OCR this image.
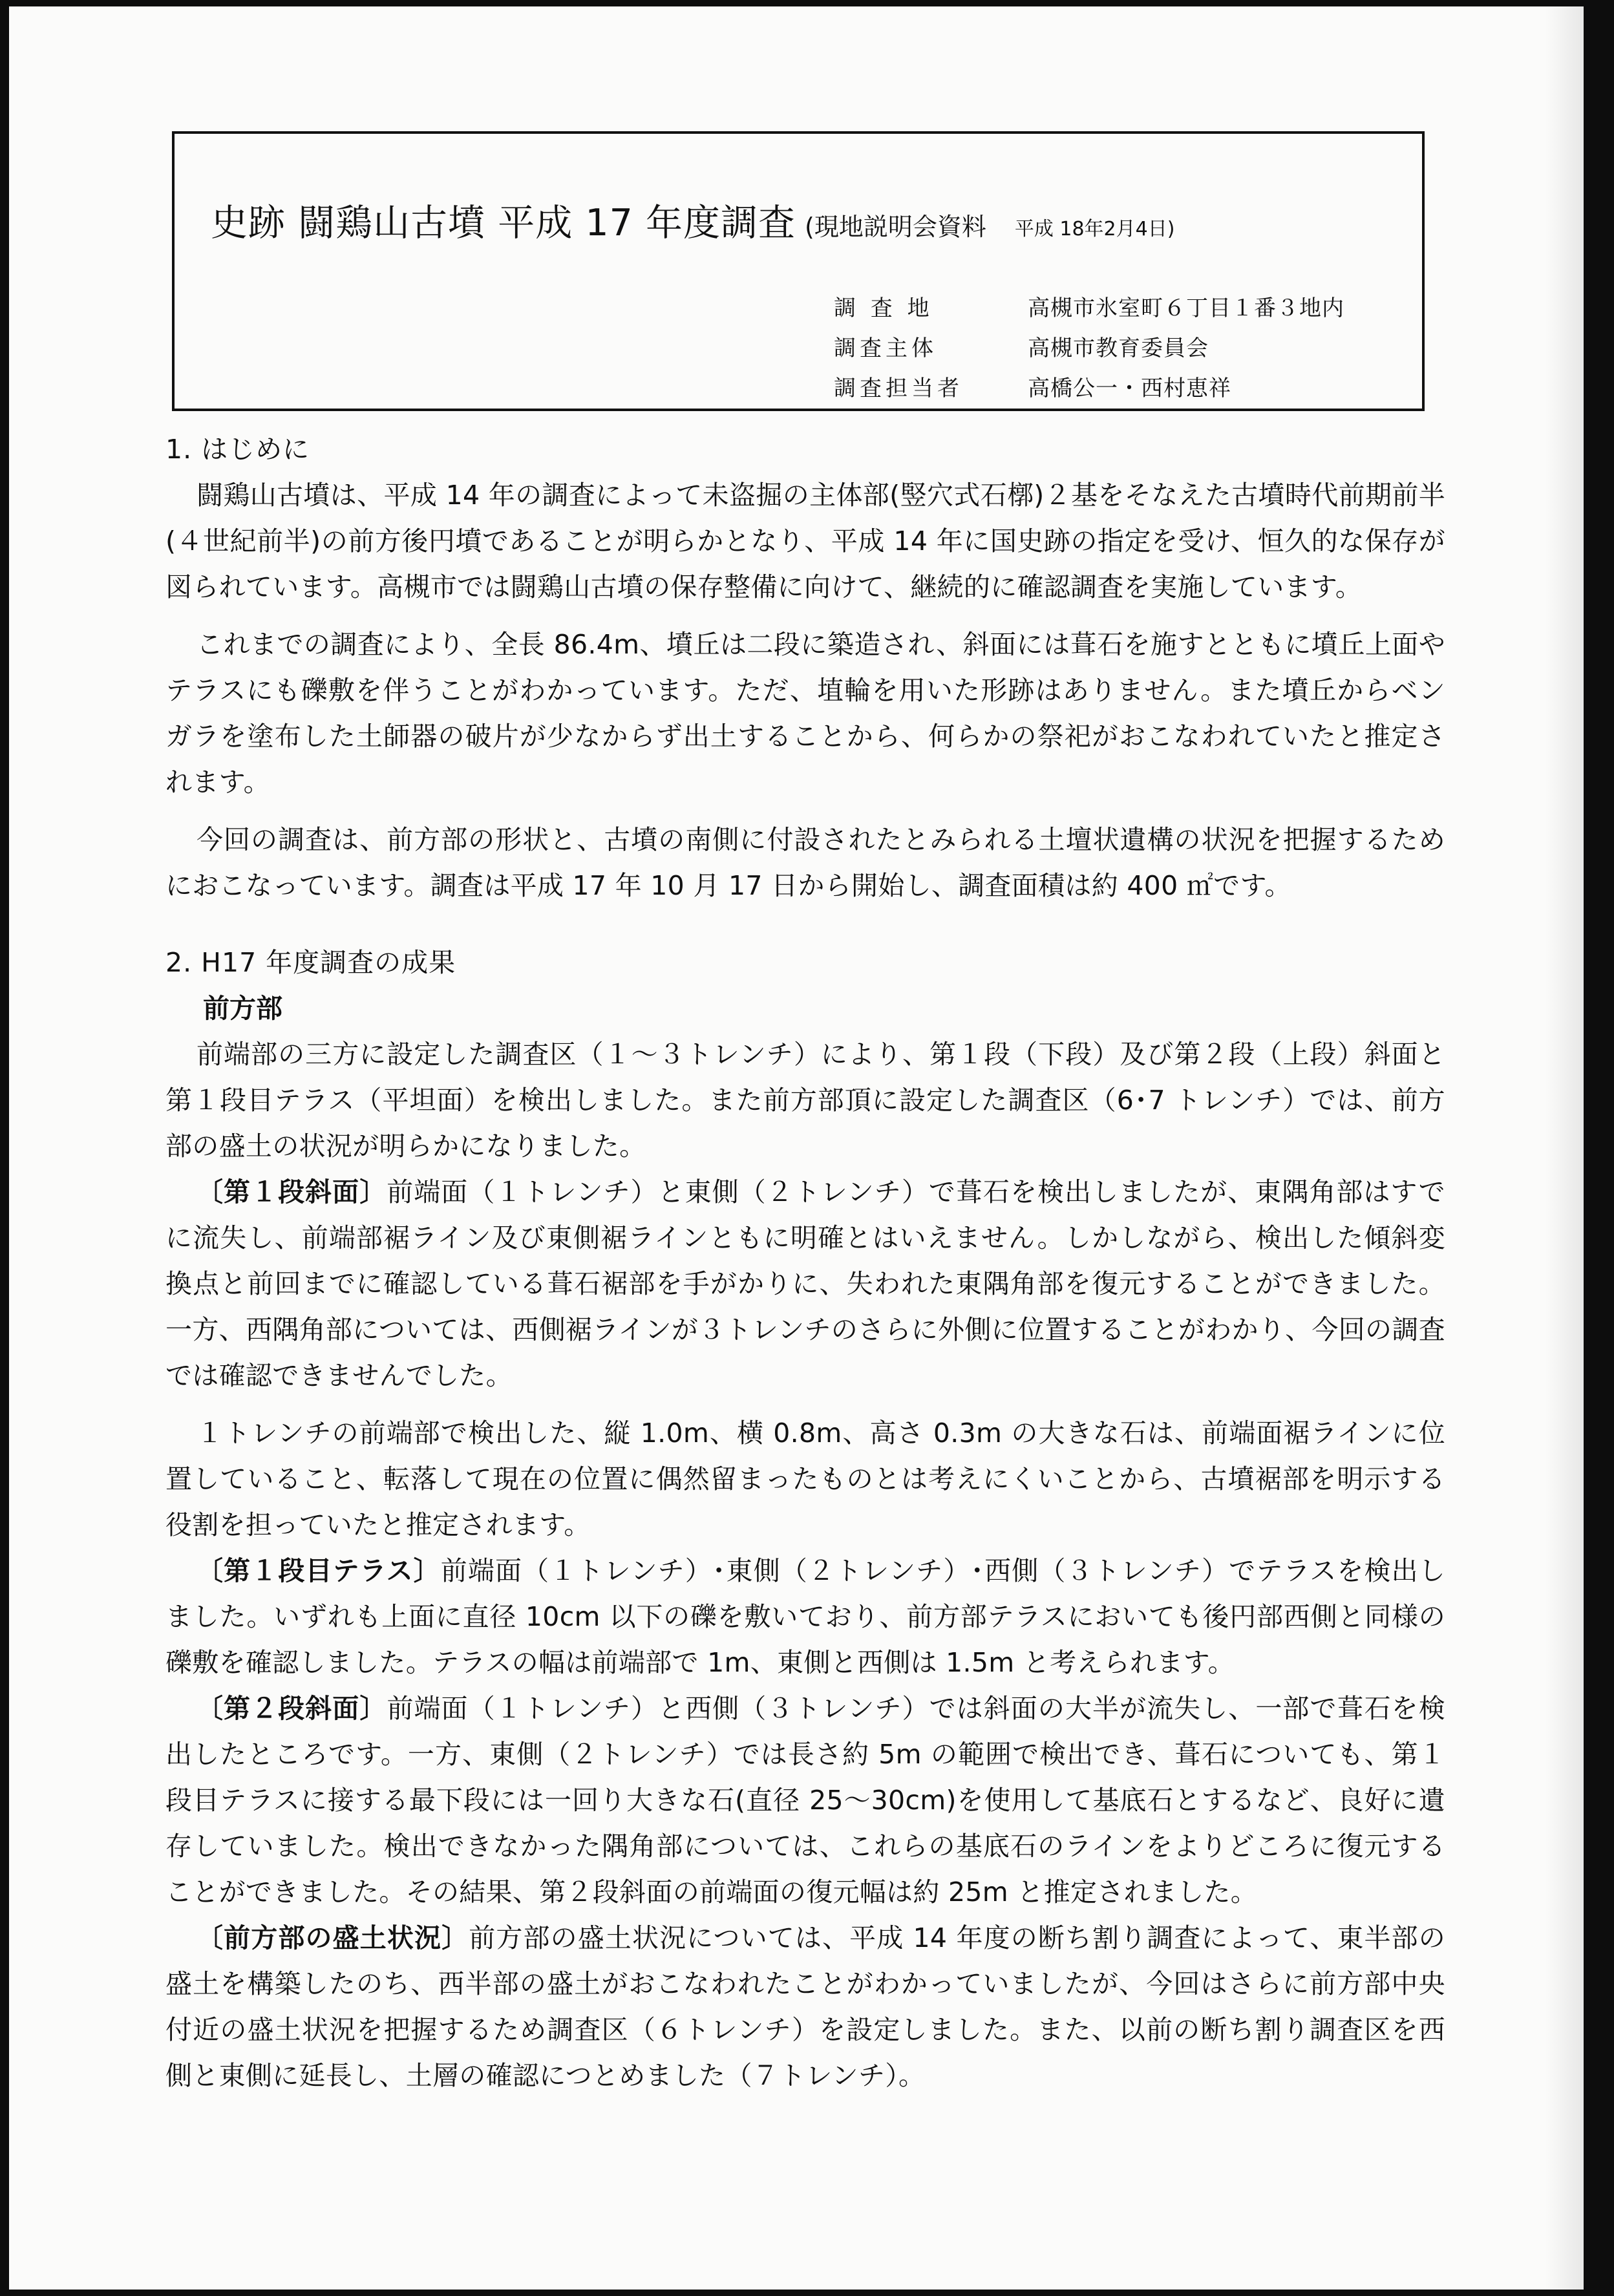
史跡 闘鶏山古墳 平成 17 年度調査 (現地説明会資料 平成 18年2月4日)
調 査 地	高槻市氷室町６丁目１番３地内
調査主体	高槻市教育委員会
調査担当者	高橋公一・西村恵祥
1. はじめに

闘鶏山古墳は、平成 14 年の調査によって未盗掘の主体部(竪穴式石槨)２基をそなえた古墳時代前期前半(４世紀前半)の前方後円墳であることが明らかとなり、平成 14 年に国史跡の指定を受け、恒久的な保存が図られています。高槻市では闘鶏山古墳の保存整備に向けて、継続的に確認調査を実施しています。

これまでの調査により、全長 86.4m、墳丘は二段に築造され、斜面には葺石を施すとともに墳丘上面やテラスにも礫敷を伴うことがわかっています。ただ、埴輪を用いた形跡はありません。また墳丘からベンガラを塗布した土師器の破片が少なからず出土することから、何らかの祭祀がおこなわれていたと推定されます。

今回の調査は、前方部の形状と、古墳の南側に付設されたとみられる土壇状遺構の状況を把握するためにおこなっています。調査は平成 17 年 10 月 17 日から開始し、調査面積は約 400 ㎡です。

2. H17 年度調査の成果
前方部

前端部の三方に設定した調査区（１～３トレンチ）により、第１段（下段）及び第２段（上段）斜面と第１段目テラス（平坦面）を検出しました。また前方部頂に設定した調査区（6･7 トレンチ）では、前方部の盛土の状況が明らかになりました。

〔第１段斜面〕前端面（１トレンチ）と東側（２トレンチ）で葺石を検出しましたが、東隅角部はすでに流失し、前端部裾ライン及び東側裾ラインともに明確とはいえません。しかしながら、検出した傾斜変換点と前回までに確認している葺石裾部を手がかりに、失われた東隅角部を復元することができました。一方、西隅角部については、西側裾ラインが３トレンチのさらに外側に位置することがわかり、今回の調査では確認できませんでした。

１トレンチの前端部で検出した、縦 1.0m、横 0.8m、高さ 0.3m の大きな石は、前端面裾ラインに位置していること、転落して現在の位置に偶然留まったものとは考えにくいことから、古墳裾部を明示する役割を担っていたと推定されます。

〔第１段目テラス〕前端面（１トレンチ）･東側（２トレンチ）･西側（３トレンチ）でテラスを検出しました。いずれも上面に直径 10cm 以下の礫を敷いており、前方部テラスにおいても後円部西側と同様の礫敷を確認しました。テラスの幅は前端部で 1m、東側と西側は 1.5m と考えられます。

〔第２段斜面〕前端面（１トレンチ）と西側（３トレンチ）では斜面の大半が流失し、一部で葺石を検出したところです。一方、東側（２トレンチ）では長さ約 5m の範囲で検出でき、葺石についても、第１段目テラスに接する最下段には一回り大きな石(直径 25～30cm)を使用して基底石とするなど、良好に遺存していました。検出できなかった隅角部については、これらの基底石のラインをよりどころに復元することができました。その結果、第２段斜面の前端面の復元幅は約 25m と推定されました。

〔前方部の盛土状況〕前方部の盛土状況については、平成 14 年度の断ち割り調査によって、東半部の盛土を構築したのち、西半部の盛土がおこなわれたことがわかっていましたが、今回はさらに前方部中央付近の盛土状況を把握するため調査区（６トレンチ）を設定しました。また、以前の断ち割り調査区を西側と東側に延長し、土層の確認につとめました（７トレンチ）。
